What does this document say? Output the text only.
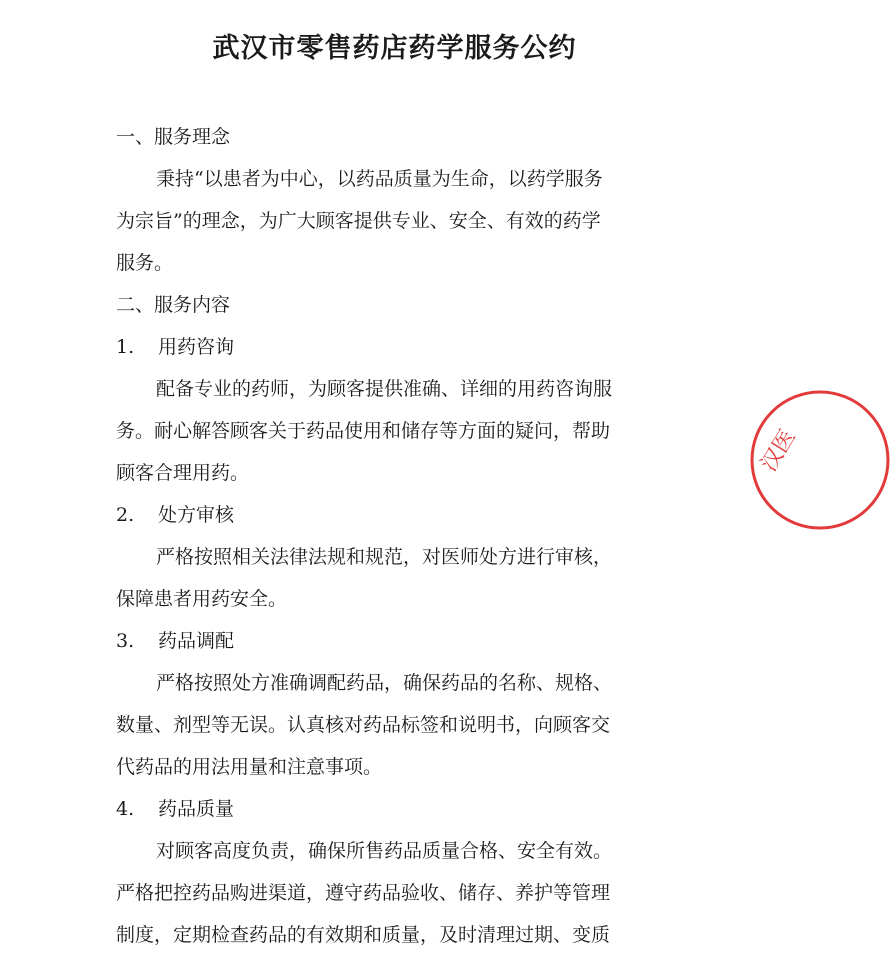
武汉市零售药店药学服务公约
一、服务理念
秉持“以患者为中心，以药品质量为生命，以药学服务
为宗旨”的理念，为广大顾客提供专业、安全、有效的药学
服务。
二、服务内容
1. 用药咨询
配备专业的药师，为顾客提供准确、详细的用药咨询服
务。耐心解答顾客关于药品使用和储存等方面的疑问，帮助
顾客合理用药。
2. 处方审核
严格按照相关法律法规和规范，对医师处方进行审核，
保障患者用药安全。
3. 药品调配
严格按照处方准确调配药品，确保药品的名称、规格、
数量、剂型等无误。认真核对药品标签和说明书，向顾客交
代药品的用法用量和注意事项。
4. 药品质量
对顾客高度负责，确保所售药品质量合格、安全有效。
严格把控药品购进渠道，遵守药品验收、储存、养护等管理
制度，定期检查药品的有效期和质量，及时清理过期、变质
汉医
